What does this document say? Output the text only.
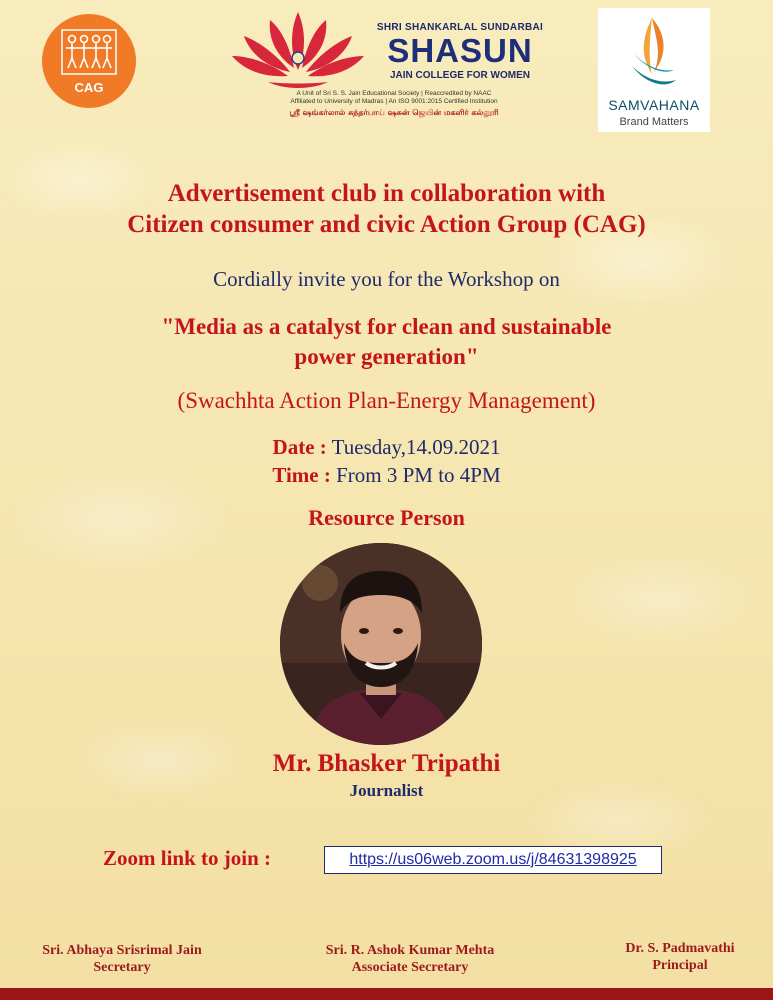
CAG
SHRI SHANKARLAL SUNDARBAI
SHASUN
JAIN COLLEGE FOR WOMEN
A Unit of Sri S. S. Jain Educational Society | Reaccredited by NAAC
Affiliated to University of Madras | An ISO 9001:2015 Certified Institution
ஸ்ரீ ஷங்கர்லால் சுந்தர்பாய் ஷசுன் ஜெயின் மகளிர் கல்லூரி	SAMVAHANA
Brand Matters
Advertisement club in collaboration with
Citizen consumer and civic Action Group (CAG)
Cordially invite you for the Workshop on
"Media as a catalyst for clean and sustainable
power generation"
(Swachhta Action Plan-Energy Management)
Date : Tuesday,14.09.2021
Time : From 3 PM to 4PM
Resource Person
Mr. Bhasker Tripathi
Journalist
Zoom link to join :	https://us06web.zoom.us/j/84631398925
Sri. Abhaya Srisrimal Jain
Secretary
Sri. R. Ashok Kumar Mehta
Associate Secretary
Dr. S. Padmavathi
Principal
